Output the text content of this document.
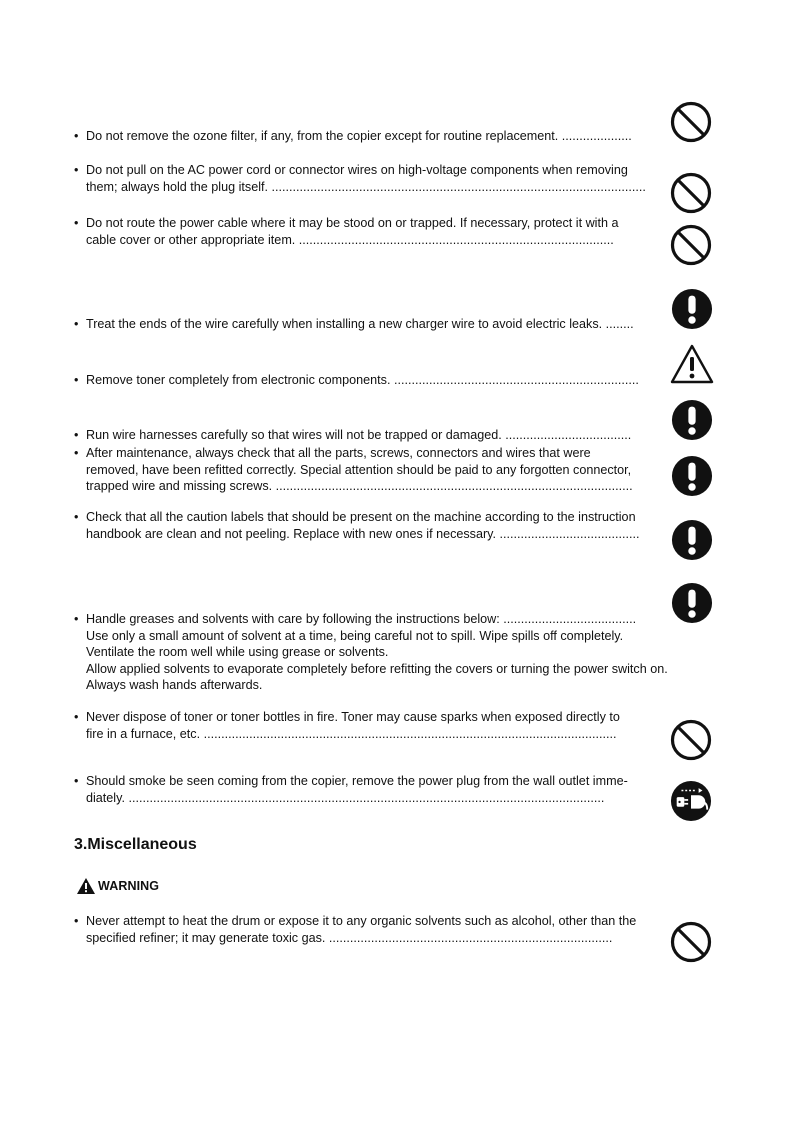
• Do not remove the ozone filter, if any, from the copier except for routine replacement. ....................
• Do not pull on the AC power cord or connector wires on high-voltage components when removing
them; always hold the plug itself. ...........................................................................................................
• Do not route the power cable where it may be stood on or trapped. If necessary, protect it with a
cable cover or other appropriate item. ..........................................................................................
• Treat the ends of the wire carefully when installing a new charger wire to avoid electric leaks. ........
• Remove toner completely from electronic components. ......................................................................
• Run wire harnesses carefully so that wires will not be trapped or damaged. ....................................
• After maintenance, always check that all the parts, screws, connectors and wires that were
removed, have been refitted correctly. Special attention should be paid to any forgotten connector,
trapped wire and missing screws. ......................................................................................................
• Check that all the caution labels that should be present on the machine according to the instruction
handbook are clean and not peeling. Replace with new ones if necessary. ........................................
• Handle greases and solvents with care by following the instructions below: ......................................
Use only a small amount of solvent at a time, being careful not to spill. Wipe spills off completely.
Ventilate the room well while using grease or solvents.
Allow applied solvents to evaporate completely before refitting the covers or turning the power switch on.
Always wash hands afterwards.
• Never dispose of toner or toner bottles in fire. Toner may cause sparks when exposed directly to
fire in a furnace, etc. ......................................................................................................................
• Should smoke be seen coming from the copier, remove the power plug from the wall outlet imme-
diately. ........................................................................................................................................
3.Miscellaneous
WARNING
• Never attempt to heat the drum or expose it to any organic solvents such as alcohol, other than the
specified refiner; it may generate toxic gas. .................................................................................
